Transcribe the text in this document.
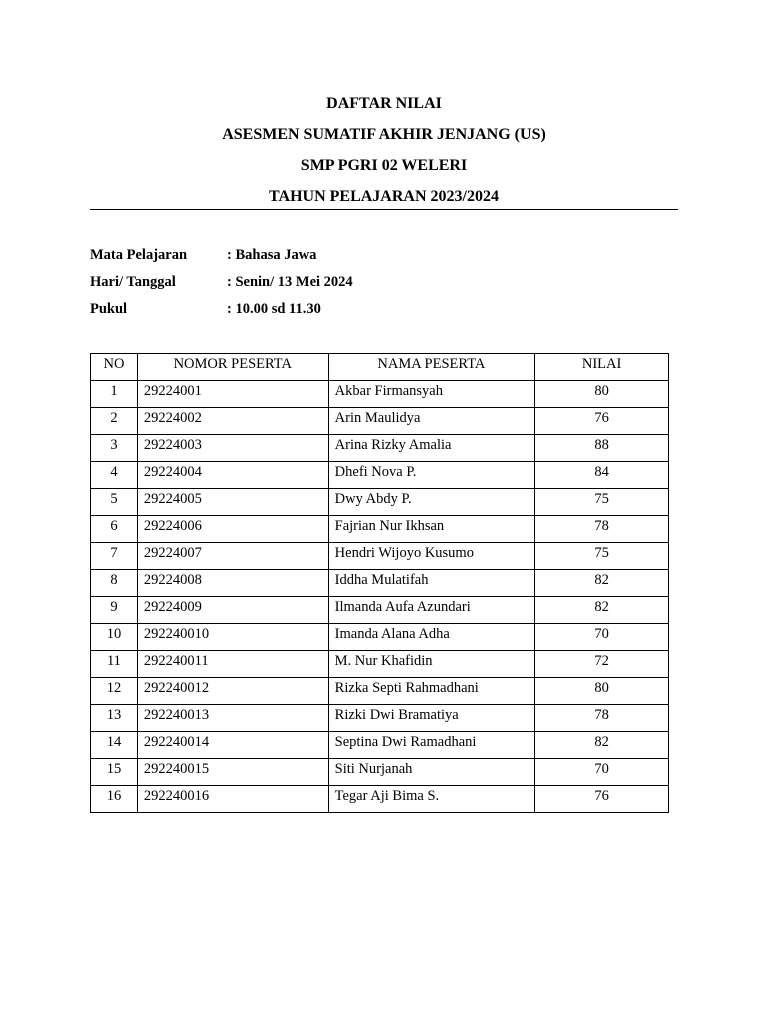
DAFTAR NILAI
ASESMEN SUMATIF AKHIR JENJANG (US)
SMP PGRI 02 WELERI
TAHUN PELAJARAN 2023/2024
Mata Pelajaran	: Bahasa Jawa
Hari/ Tanggal	: Senin/ 13 Mei 2024
Pukul	: 10.00 sd 11.30
NO	NOMOR PESERTA	NAMA PESERTA	NILAI
1	29224001	Akbar Firmansyah	80
2	29224002	Arin Maulidya	76
3	29224003	Arina Rizky Amalia	88
4	29224004	Dhefi Nova P.	84
5	29224005	Dwy Abdy P.	75
6	29224006	Fajrian Nur Ikhsan	78
7	29224007	Hendri Wijoyo Kusumo	75
8	29224008	Iddha Mulatifah	82
9	29224009	Ilmanda Aufa Azundari	82
10	292240010	Imanda Alana Adha	70
11	292240011	M. Nur Khafidin	72
12	292240012	Rizka Septi Rahmadhani	80
13	292240013	Rizki Dwi Bramatiya	78
14	292240014	Septina Dwi Ramadhani	82
15	292240015	Siti Nurjanah	70
16	292240016	Tegar Aji Bima S.	76
